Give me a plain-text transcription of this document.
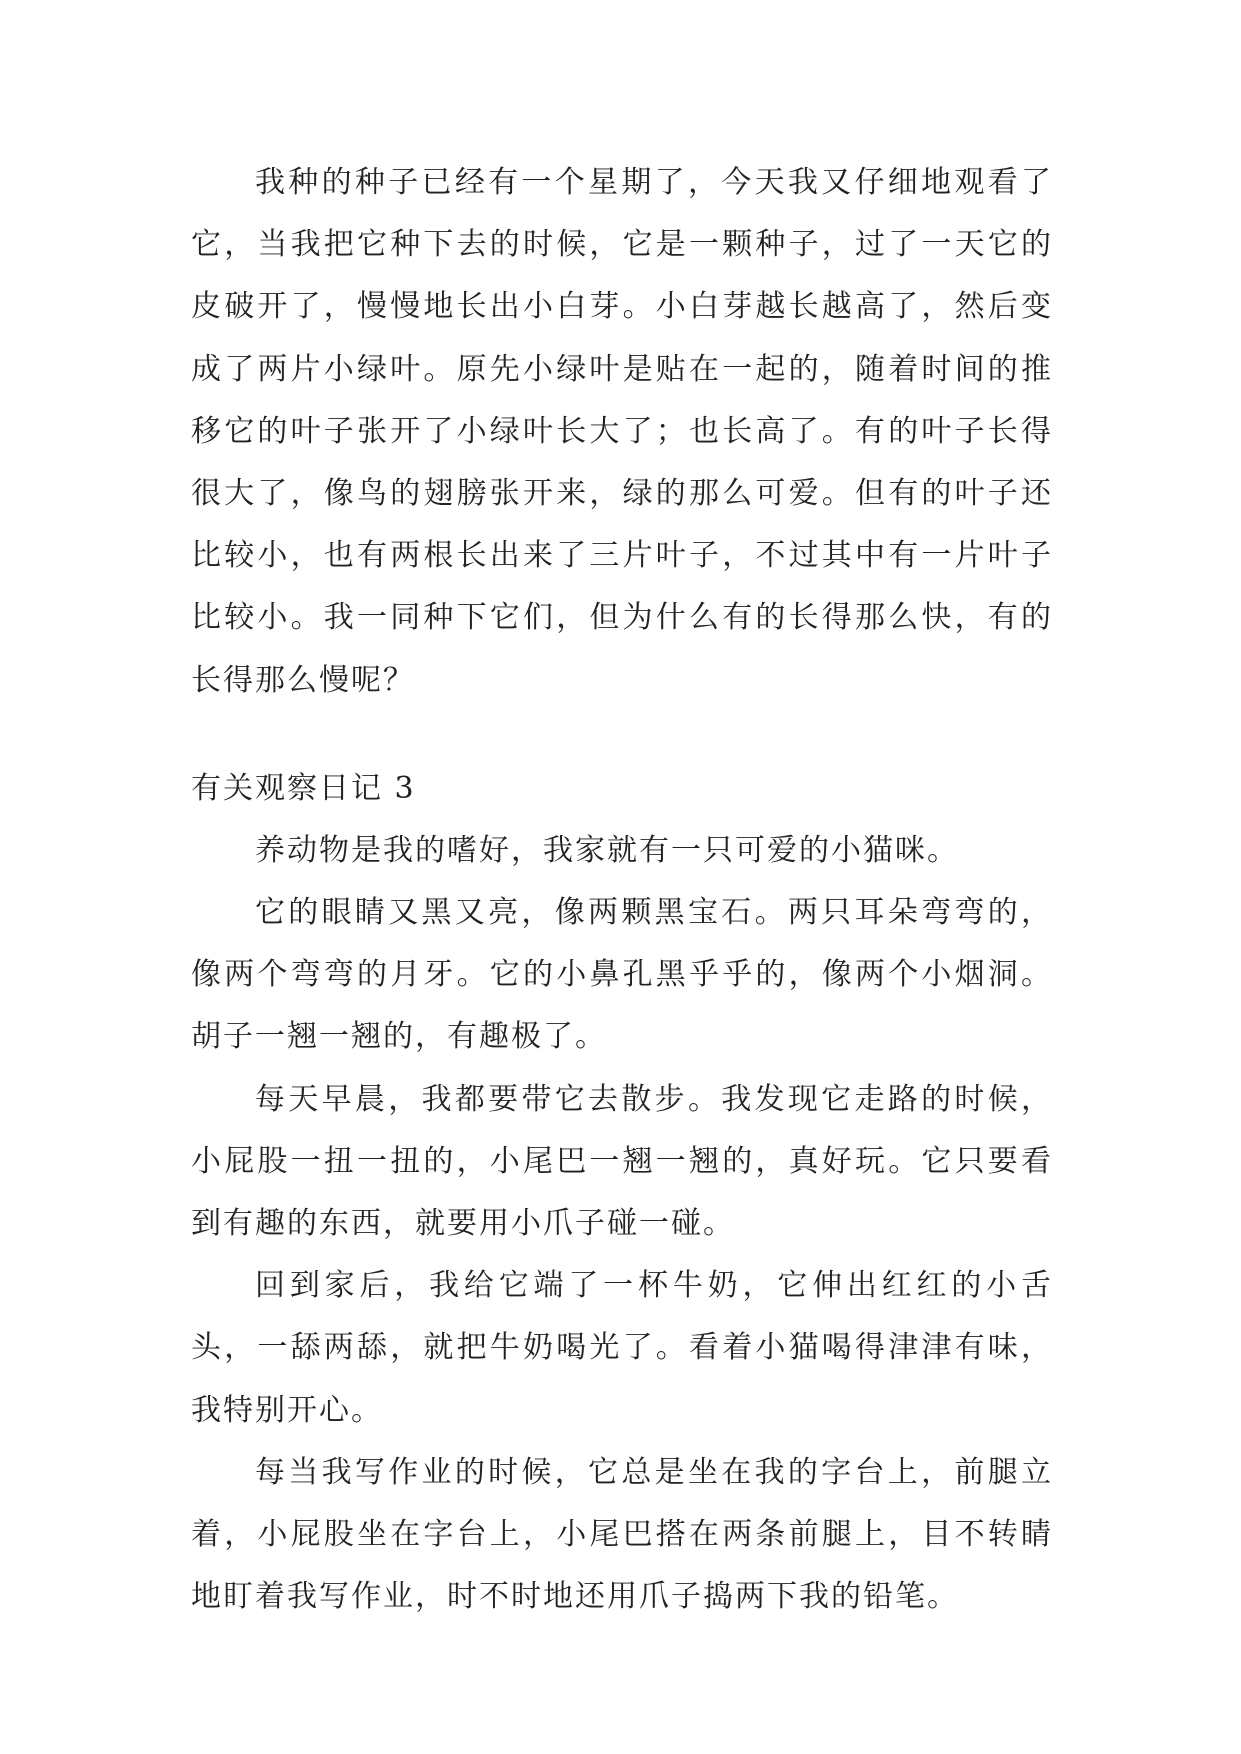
我种的种子已经有一个星期了，今天我又仔细地观看了它，当我把它种下去的时候，它是一颗种子，过了一天它的皮破开了，慢慢地长出小白芽。小白芽越长越高了，然后变成了两片小绿叶。原先小绿叶是贴在一起的，随着时间的推移它的叶子张开了小绿叶长大了；也长高了。有的叶子长得很大了，像鸟的翅膀张开来，绿的那么可爱。但有的叶子还比较小，也有两根长出来了三片叶子，不过其中有一片叶子比较小。我一同种下它们，但为什么有的长得那么快，有的长得那么慢呢？

有关观察日记 3

养动物是我的嗜好，我家就有一只可爱的小猫咪。

它的眼睛又黑又亮，像两颗黑宝石。两只耳朵弯弯的，像两个弯弯的月牙。它的小鼻孔黑乎乎的，像两个小烟洞。胡子一翘一翘的，有趣极了。

每天早晨，我都要带它去散步。我发现它走路的时候，小屁股一扭一扭的，小尾巴一翘一翘的，真好玩。它只要看到有趣的东西，就要用小爪子碰一碰。

回到家后，我给它端了一杯牛奶，它伸出红红的小舌头，一舔两舔，就把牛奶喝光了。看着小猫喝得津津有味，我特别开心。

每当我写作业的时候，它总是坐在我的字台上，前腿立着，小屁股坐在字台上，小尾巴搭在两条前腿上，目不转睛地盯着我写作业，时不时地还用爪子捣两下我的铅笔。
